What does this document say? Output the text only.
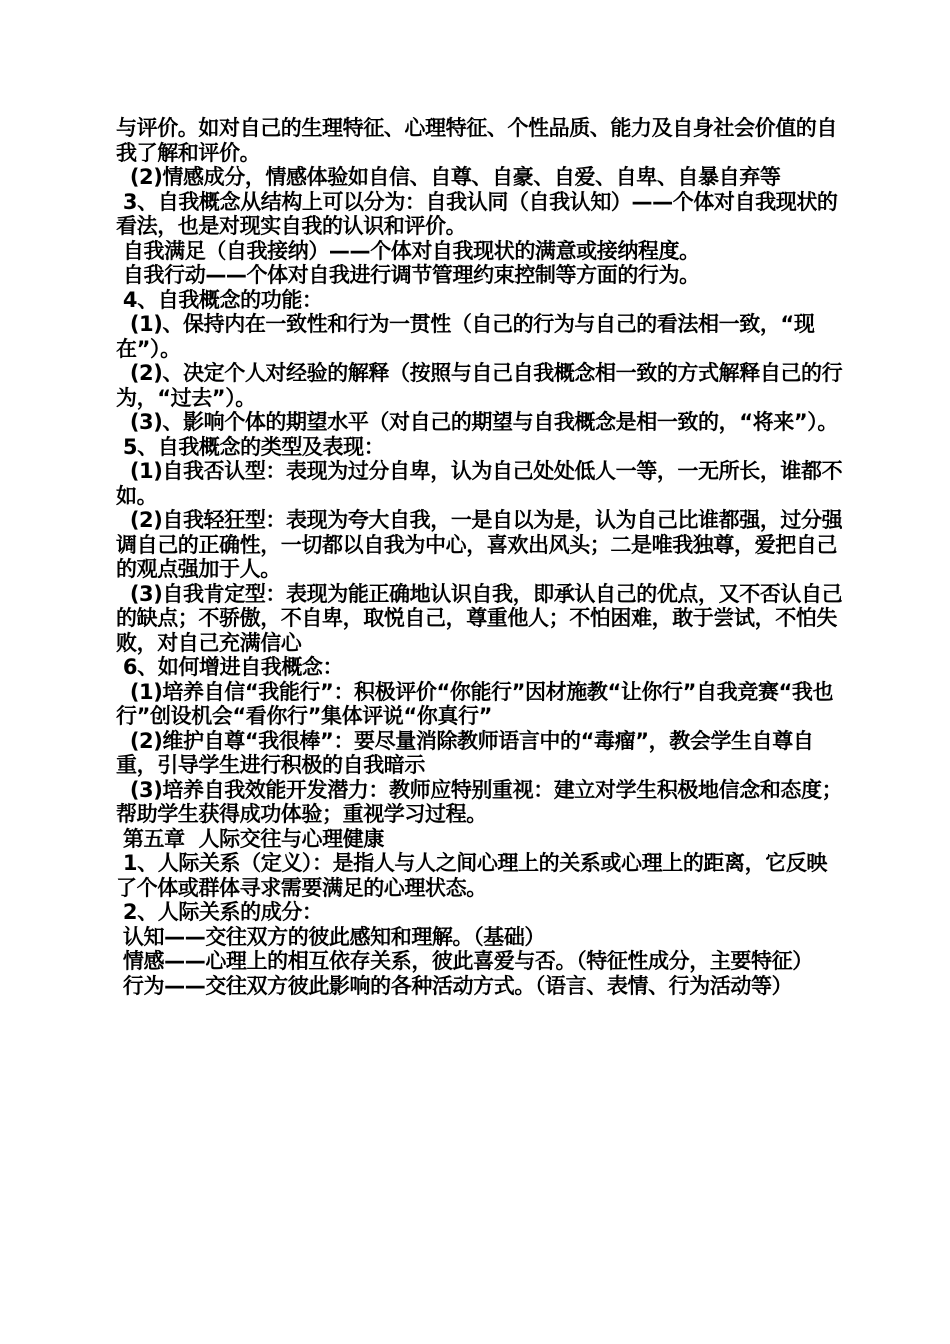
与评价。如对自己的生理特征、心理特征、个性品质、能力及自身社会价值的自我了解和评价。
(2)情感成分，情感体验如自信、自尊、自豪、自爱、自卑、自暴自弃等
3、自我概念从结构上可以分为：自我认同（自我认知）——个体对自我现状的看法，也是对现实自我的认识和评价。
自我满足（自我接纳）——个体对自我现状的满意或接纳程度。
自我行动——个体对自我进行调节管理约束控制等方面的行为。
4、自我概念的功能：
(1)、保持内在一致性和行为一贯性（自己的行为与自己的看法相一致，“现在”）。
(2)、决定个人对经验的解释（按照与自己自我概念相一致的方式解释自己的行为，“过去”）。
(3)、影响个体的期望水平（对自己的期望与自我概念是相一致的，“将来”）。
5、自我概念的类型及表现：
(1)自我否认型：表现为过分自卑，认为自己处处低人一等，一无所长，谁都不如。
(2)自我轻狂型：表现为夸大自我，一是自以为是，认为自己比谁都强，过分强调自己的正确性，一切都以自我为中心，喜欢出风头；二是唯我独尊，爱把自己的观点强加于人。
(3)自我肯定型：表现为能正确地认识自我，即承认自己的优点，又不否认自己的缺点；不骄傲，不自卑，取悦自己，尊重他人；不怕困难，敢于尝试，不怕失败，对自己充满信心
6、如何增进自我概念：
(1)培养自信“我能行”：积极评价“你能行”因材施教“让你行”自我竞赛“我也行”创设机会“看你行”集体评说“你真行”
(2)维护自尊“我很棒”：要尽量消除教师语言中的“毒瘤”，教会学生自尊自重，引导学生进行积极的自我暗示
(3)培养自我效能开发潜力：教师应特别重视：建立对学生积极地信念和态度；帮助学生获得成功体验；重视学习过程。
第五章  人际交往与心理健康
1、人际关系（定义）：是指人与人之间心理上的关系或心理上的距离，它反映了个体或群体寻求需要满足的心理状态。
2、人际关系的成分：
认知——交往双方的彼此感知和理解。（基础）
情感——心理上的相互依存关系，彼此喜爱与否。（特征性成分，主要特征）
行为——交往双方彼此影响的各种活动方式。（语言、表情、行为活动等）
